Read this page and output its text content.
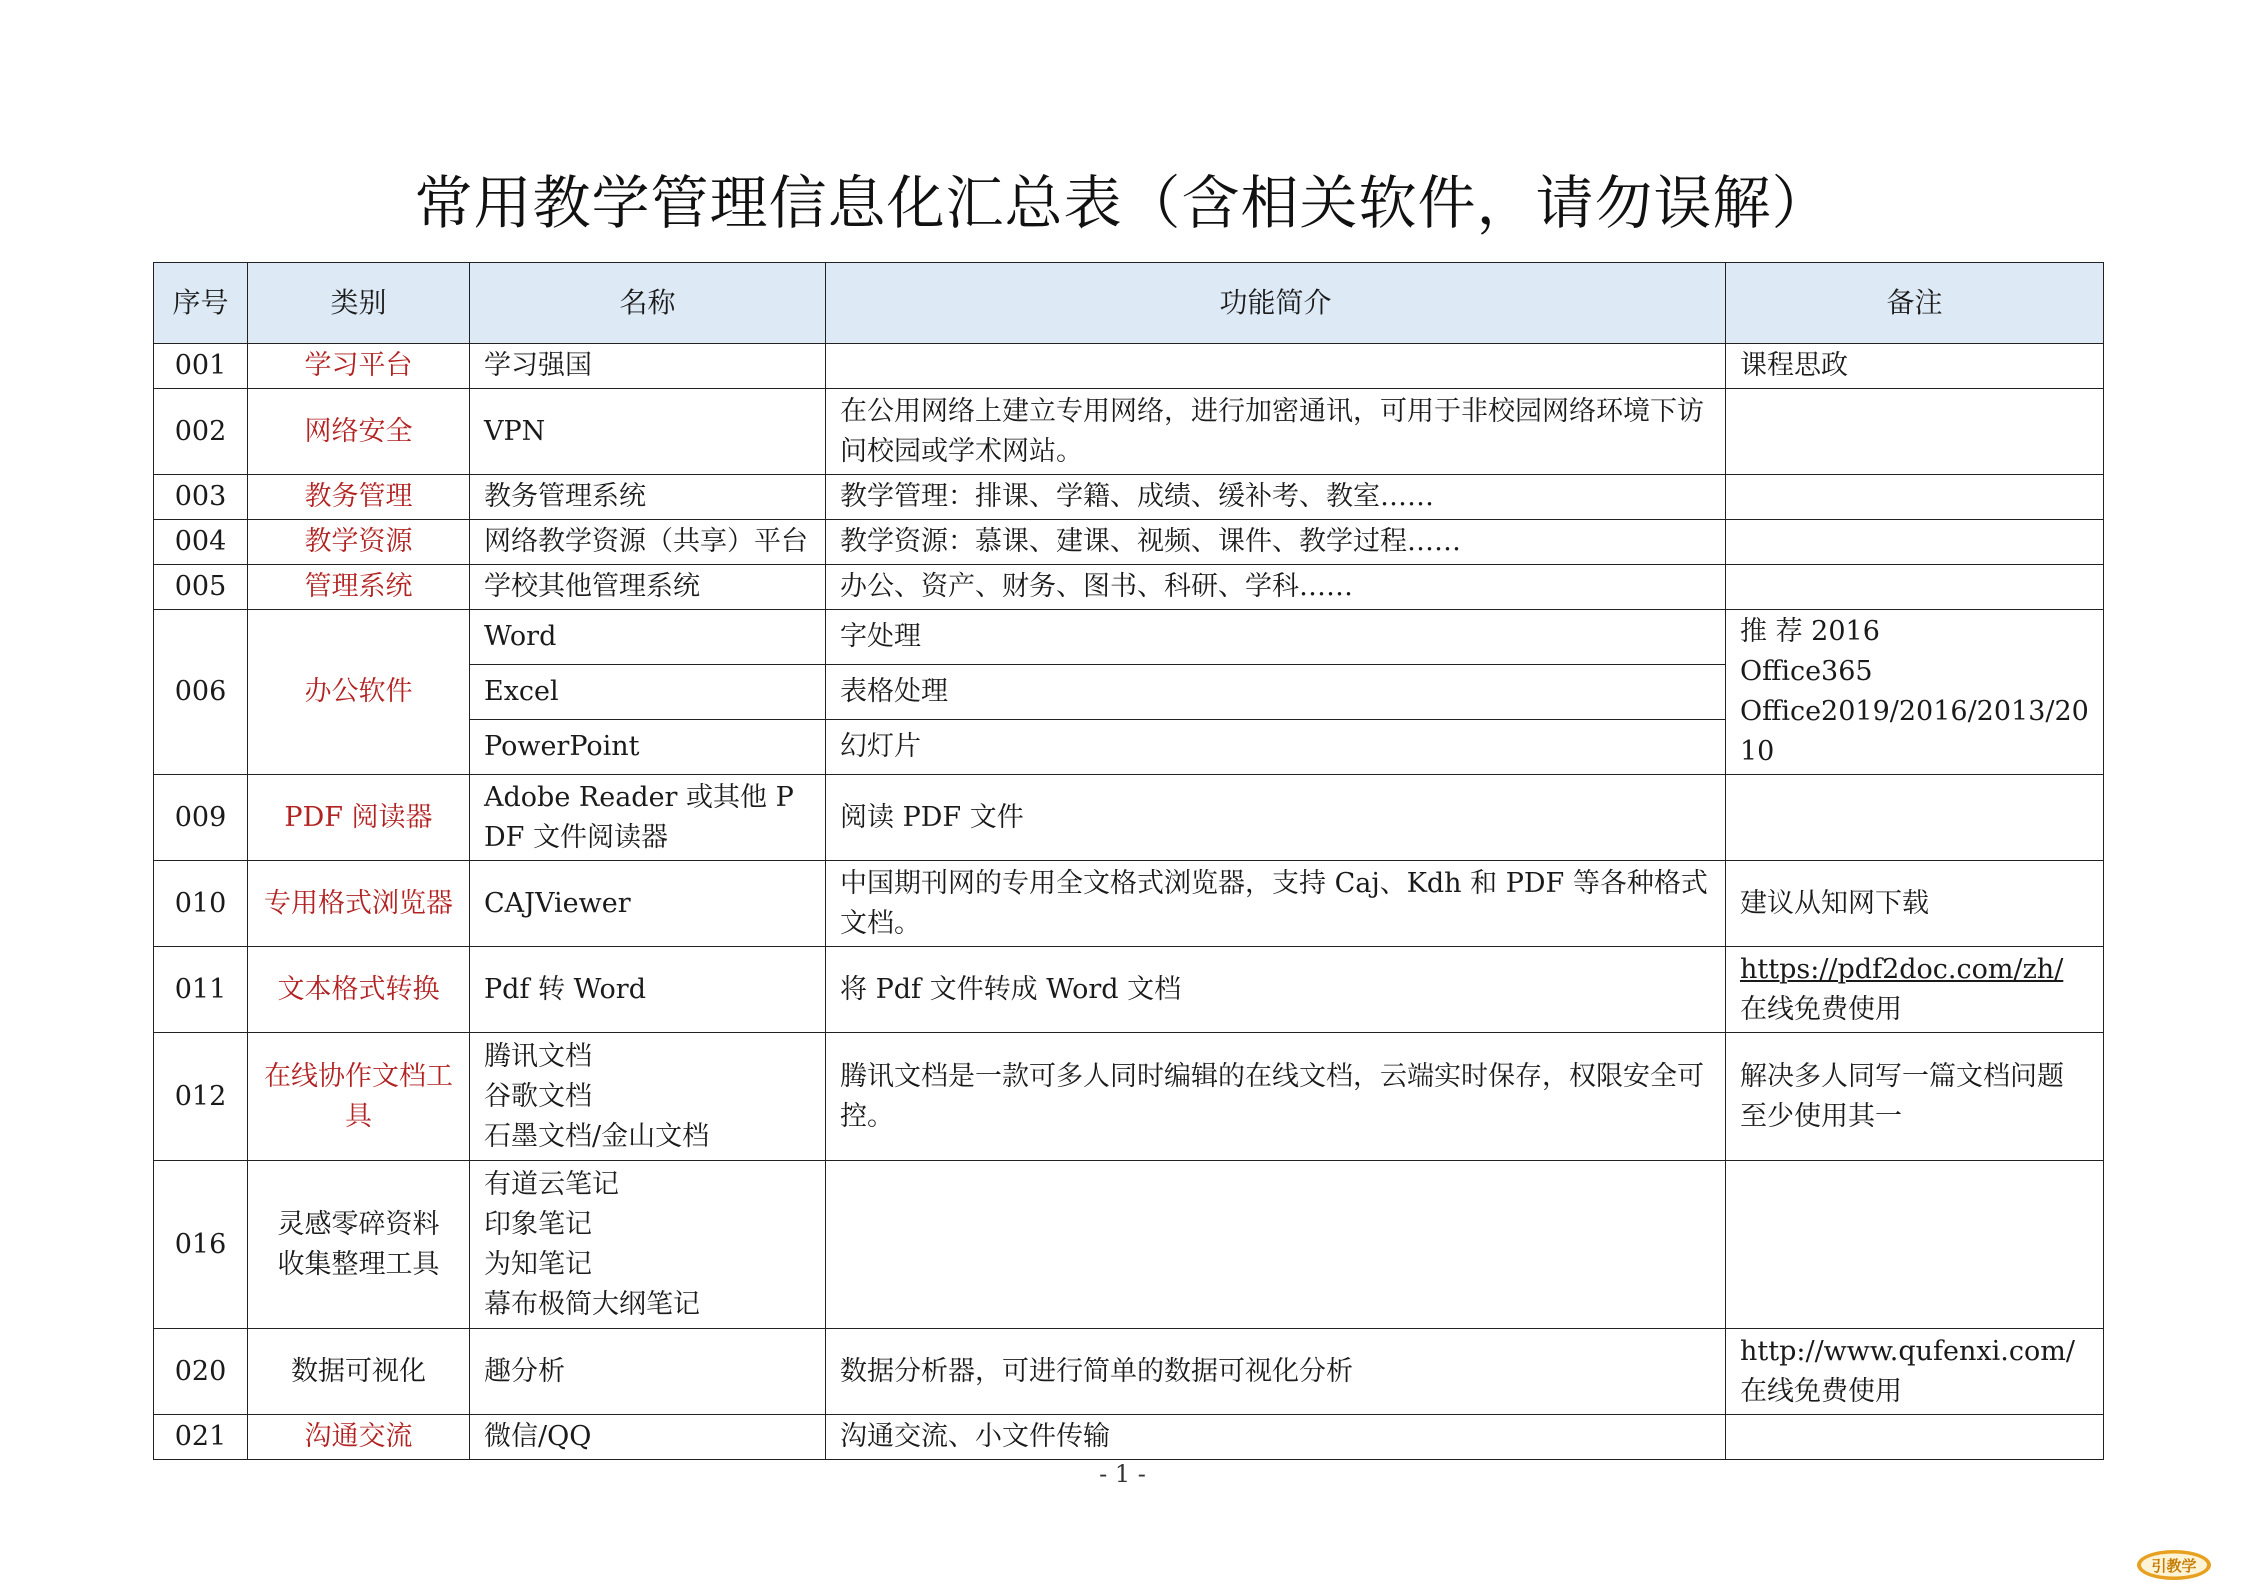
常用教学管理信息化汇总表（含相关软件，请勿误解）
序号	类别	名称	功能简介	备注
001	学习平台	学习强国		课程思政
002	网络安全	VPN	在公用网络上建立专用网络，进行加密通讯，可用于非校园网络环境下访问校园或学术网站。	
003	教务管理	教务管理系统	教学管理：排课、学籍、成绩、缓补考、教室……	
004	教学资源	网络教学资源（共享）平台	教学资源：慕课、建课、视频、课件、教学过程……	
005	管理系统	学校其他管理系统	办公、资产、财务、图书、科研、学科……	
006	办公软件	Word	字处理	推 荐 2016
Office365
Office2019/2016/2013/2010

		Excel	表格处理	
		PowerPoint	幻灯片	
009	PDF 阅读器	Adobe Reader 或其他 PDF 文件阅读器	阅读 PDF 文件	
010	专用格式浏览器	CAJViewer	中国期刊网的专用全文格式浏览器，支持 Caj、Kdh 和 PDF 等各种格式文档。	建议从知网下载
011	文本格式转换	Pdf 转 Word	将 Pdf 文件转成 Word 文档	https://pdf2doc.com/zh/
在线免费使用

012	在线协作文档工具	腾讯文档
谷歌文档
石墨文档/金山文档	腾讯文档是一款可多人同时编辑的在线文档，云端实时保存，权限安全可控。	解决多人同写一篇文档问题
至少使用其一

016	灵感零碎资料
收集整理工具	有道云笔记
印象笔记
为知笔记
幕布极简大纲笔记		

020	数据可视化	趣分析	数据分析器，可进行简单的数据可视化分析	http://www.qufenxi.com/
在线免费使用

021	沟通交流	微信/QQ	沟通交流、小文件传输	
- 1 -
引教学
